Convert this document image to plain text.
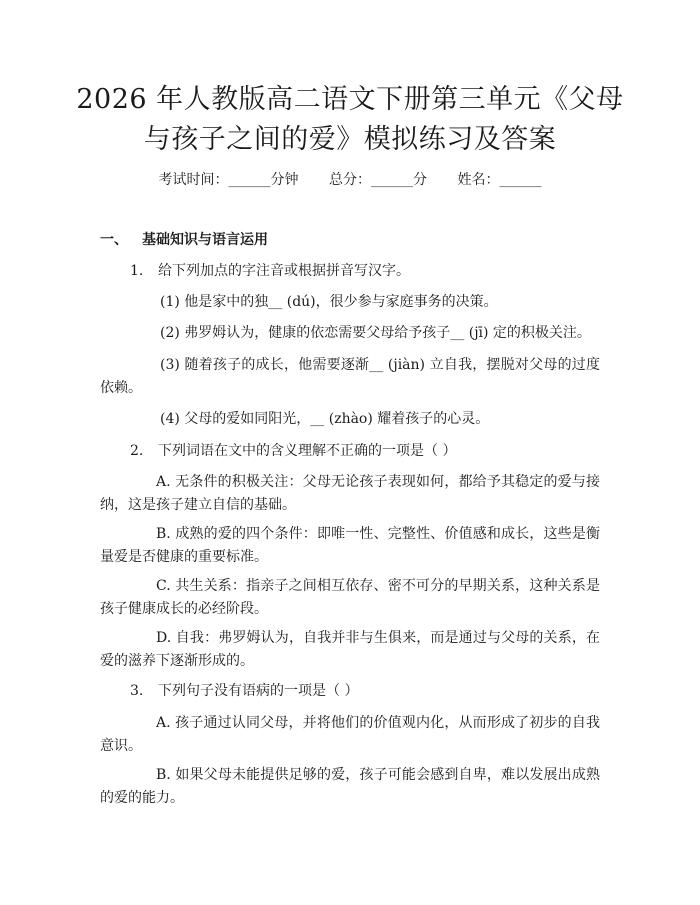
2026 年人教版高二语文下册第三单元《父母
与孩子之间的爱》模拟练习及答案
考试时间：______分钟 总分：______分 姓名：______
一、 基础知识与语言运用
1. 给下列加点的字注音或根据拼音写汉字。
(1) 他是家中的独__ (dú)，很少参与家庭事务的决策。
(2) 弗罗姆认为，健康的依恋需要父母给予孩子__ (jī) 定的积极关注。
(3) 随着孩子的成长，他需要逐渐__ (jiàn) 立自我，摆脱对父母的过度依赖。
(4) 父母的爱如同阳光，__ (zhào) 耀着孩子的心灵。
2. 下列词语在文中的含义理解不正确的一项是（ ）
A. 无条件的积极关注：父母无论孩子表现如何，都给予其稳定的爱与接纳，这是孩子建立自信的基础。
B. 成熟的爱的四个条件：即唯一性、完整性、价值感和成长，这些是衡量爱是否健康的重要标准。
C. 共生关系：指亲子之间相互依存、密不可分的早期关系，这种关系是孩子健康成长的必经阶段。
D. 自我：弗罗姆认为，自我并非与生俱来，而是通过与父母的关系，在爱的滋养下逐渐形成的。
3. 下列句子没有语病的一项是（ ）
A. 孩子通过认同父母，并将他们的价值观内化，从而形成了初步的自我意识。
B. 如果父母未能提供足够的爱，孩子可能会感到自卑，难以发展出成熟的爱的能力。
